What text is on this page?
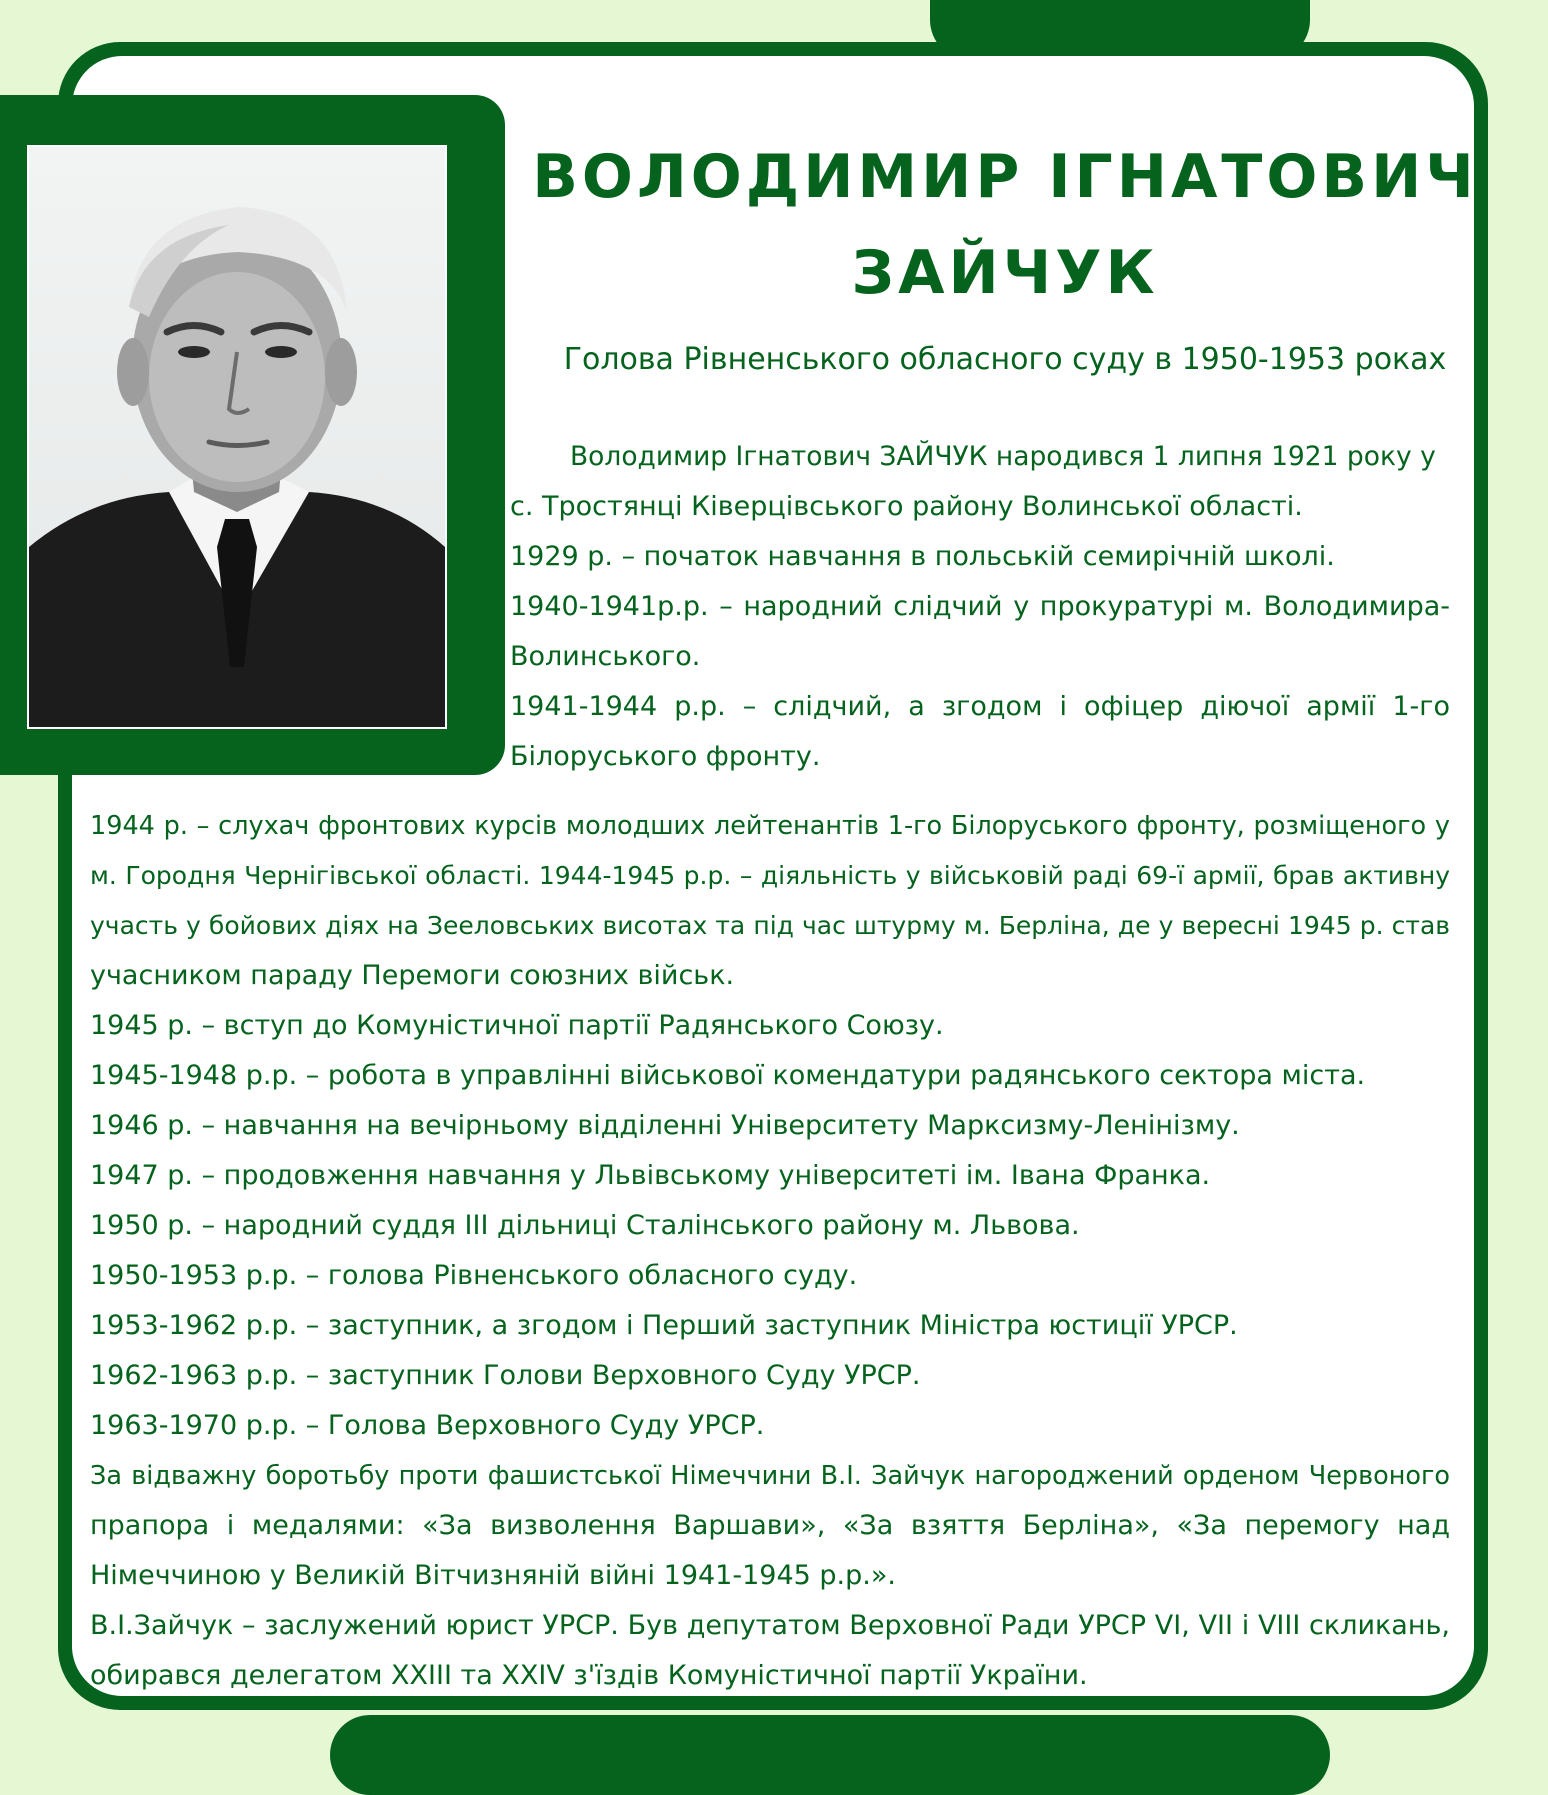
ВОЛОДИМИР ІГНАТОВИЧ
ЗАЙЧУК
Голова Рівненського обласного суду в 1950-1953 роках
Володимир Ігнатович ЗАЙЧУК народився 1 липня 1921 року у
с. Тростянці Ківерцівського району Волинської області.
1929 р. – початок навчання в польській семирічній школі.
1940-1941р.р. – народний слідчий у прокуратурі м. Володимира-
Волинського.
1941-1944 р.р. – слідчий, а згодом і офіцер діючої армії 1-го
Білоруського фронту.
1944 р. – слухач фронтових курсів молодших лейтенантів 1-го Білоруського фронту, розміщеного у
м. Городня Чернігівської області. 1944-1945 р.р. – діяльність у військовій раді 69-ї армії, брав активну
участь у бойових діях на Зееловських висотах та під час штурму м. Берліна, де у вересні 1945 р. став
учасником параду Перемоги союзних військ.
1945 р. – вступ до Комуністичної партії Радянського Союзу.
1945-1948 р.р. – робота в управлінні військової комендатури радянського сектора міста.
1946 р. – навчання на вечірньому відділенні Університету Марксизму-Ленінізму.
1947 р. – продовження навчання у Львівському університеті ім. Івана Франка.
1950 р. – народний суддя ІІІ дільниці Сталінського району м. Львова.
1950-1953 р.р. – голова Рівненського обласного суду.
1953-1962 р.р. – заступник, а згодом і Перший заступник Міністра юстиції УРСР.
1962-1963 р.р. – заступник Голови Верховного Суду УРСР.
1963-1970 р.р. – Голова Верховного Суду УРСР.
За відважну боротьбу проти фашистської Німеччини В.І. Зайчук нагороджений орденом Червоного
прапора і медалями: «За визволення Варшави», «За взяття Берліна», «За перемогу над
Німеччиною у Великій Вітчизняній війні 1941-1945 р.р.».
В.І.Зайчук – заслужений юрист УРСР. Був депутатом Верховної Ради УРСР VI, VII і VIII скликань,
обирався делегатом XXIII та XXIV з'їздів Комуністичної партії України.
